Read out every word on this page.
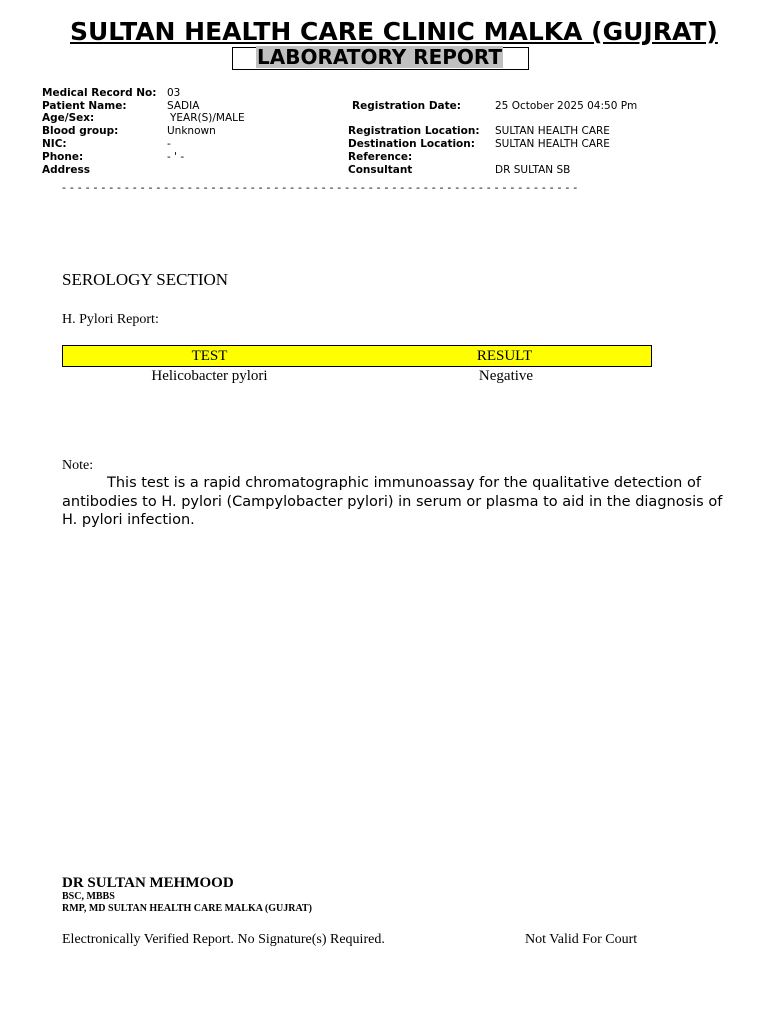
SULTAN HEALTH CARE CLINIC MALKA (GUJRAT)
LABORATORY REPORT
Medical Record No: 03
Patient Name:	SADIA
Age/Sex:	YEAR(S)/MALE
Blood group:	Unknown
NIC:	-
Phone:	- ' -
Address
Registration Date:	25 October 2025 04:50 Pm
Registration Location: SULTAN HEALTH CARE
Destination Location: SULTAN HEALTH CARE
Reference:
Consultant	DR SULTAN SB
- - - - - - - - - - - - - - - - - - - - - - - - - - - - - - - - - - - - - - - - - - - - - - - - - - - - - - - - - - - - - - - - - -
SEROLOGY SECTION
H. Pylori Report:
TEST	RESULT
Helicobacter pylori	Negative
Note:
This test is a rapid chromatographic immunoassay for the qualitative detection of antibodies to H. pylori (Campylobacter pylori) in serum or plasma to aid in the diagnosis of H. pylori infection.
DR SULTAN MEHMOOD
BSC, MBBS
RMP, MD SULTAN HEALTH CARE MALKA (GUJRAT)
Electronically Verified Report. No Signature(s) Required.	Not Valid For Court
